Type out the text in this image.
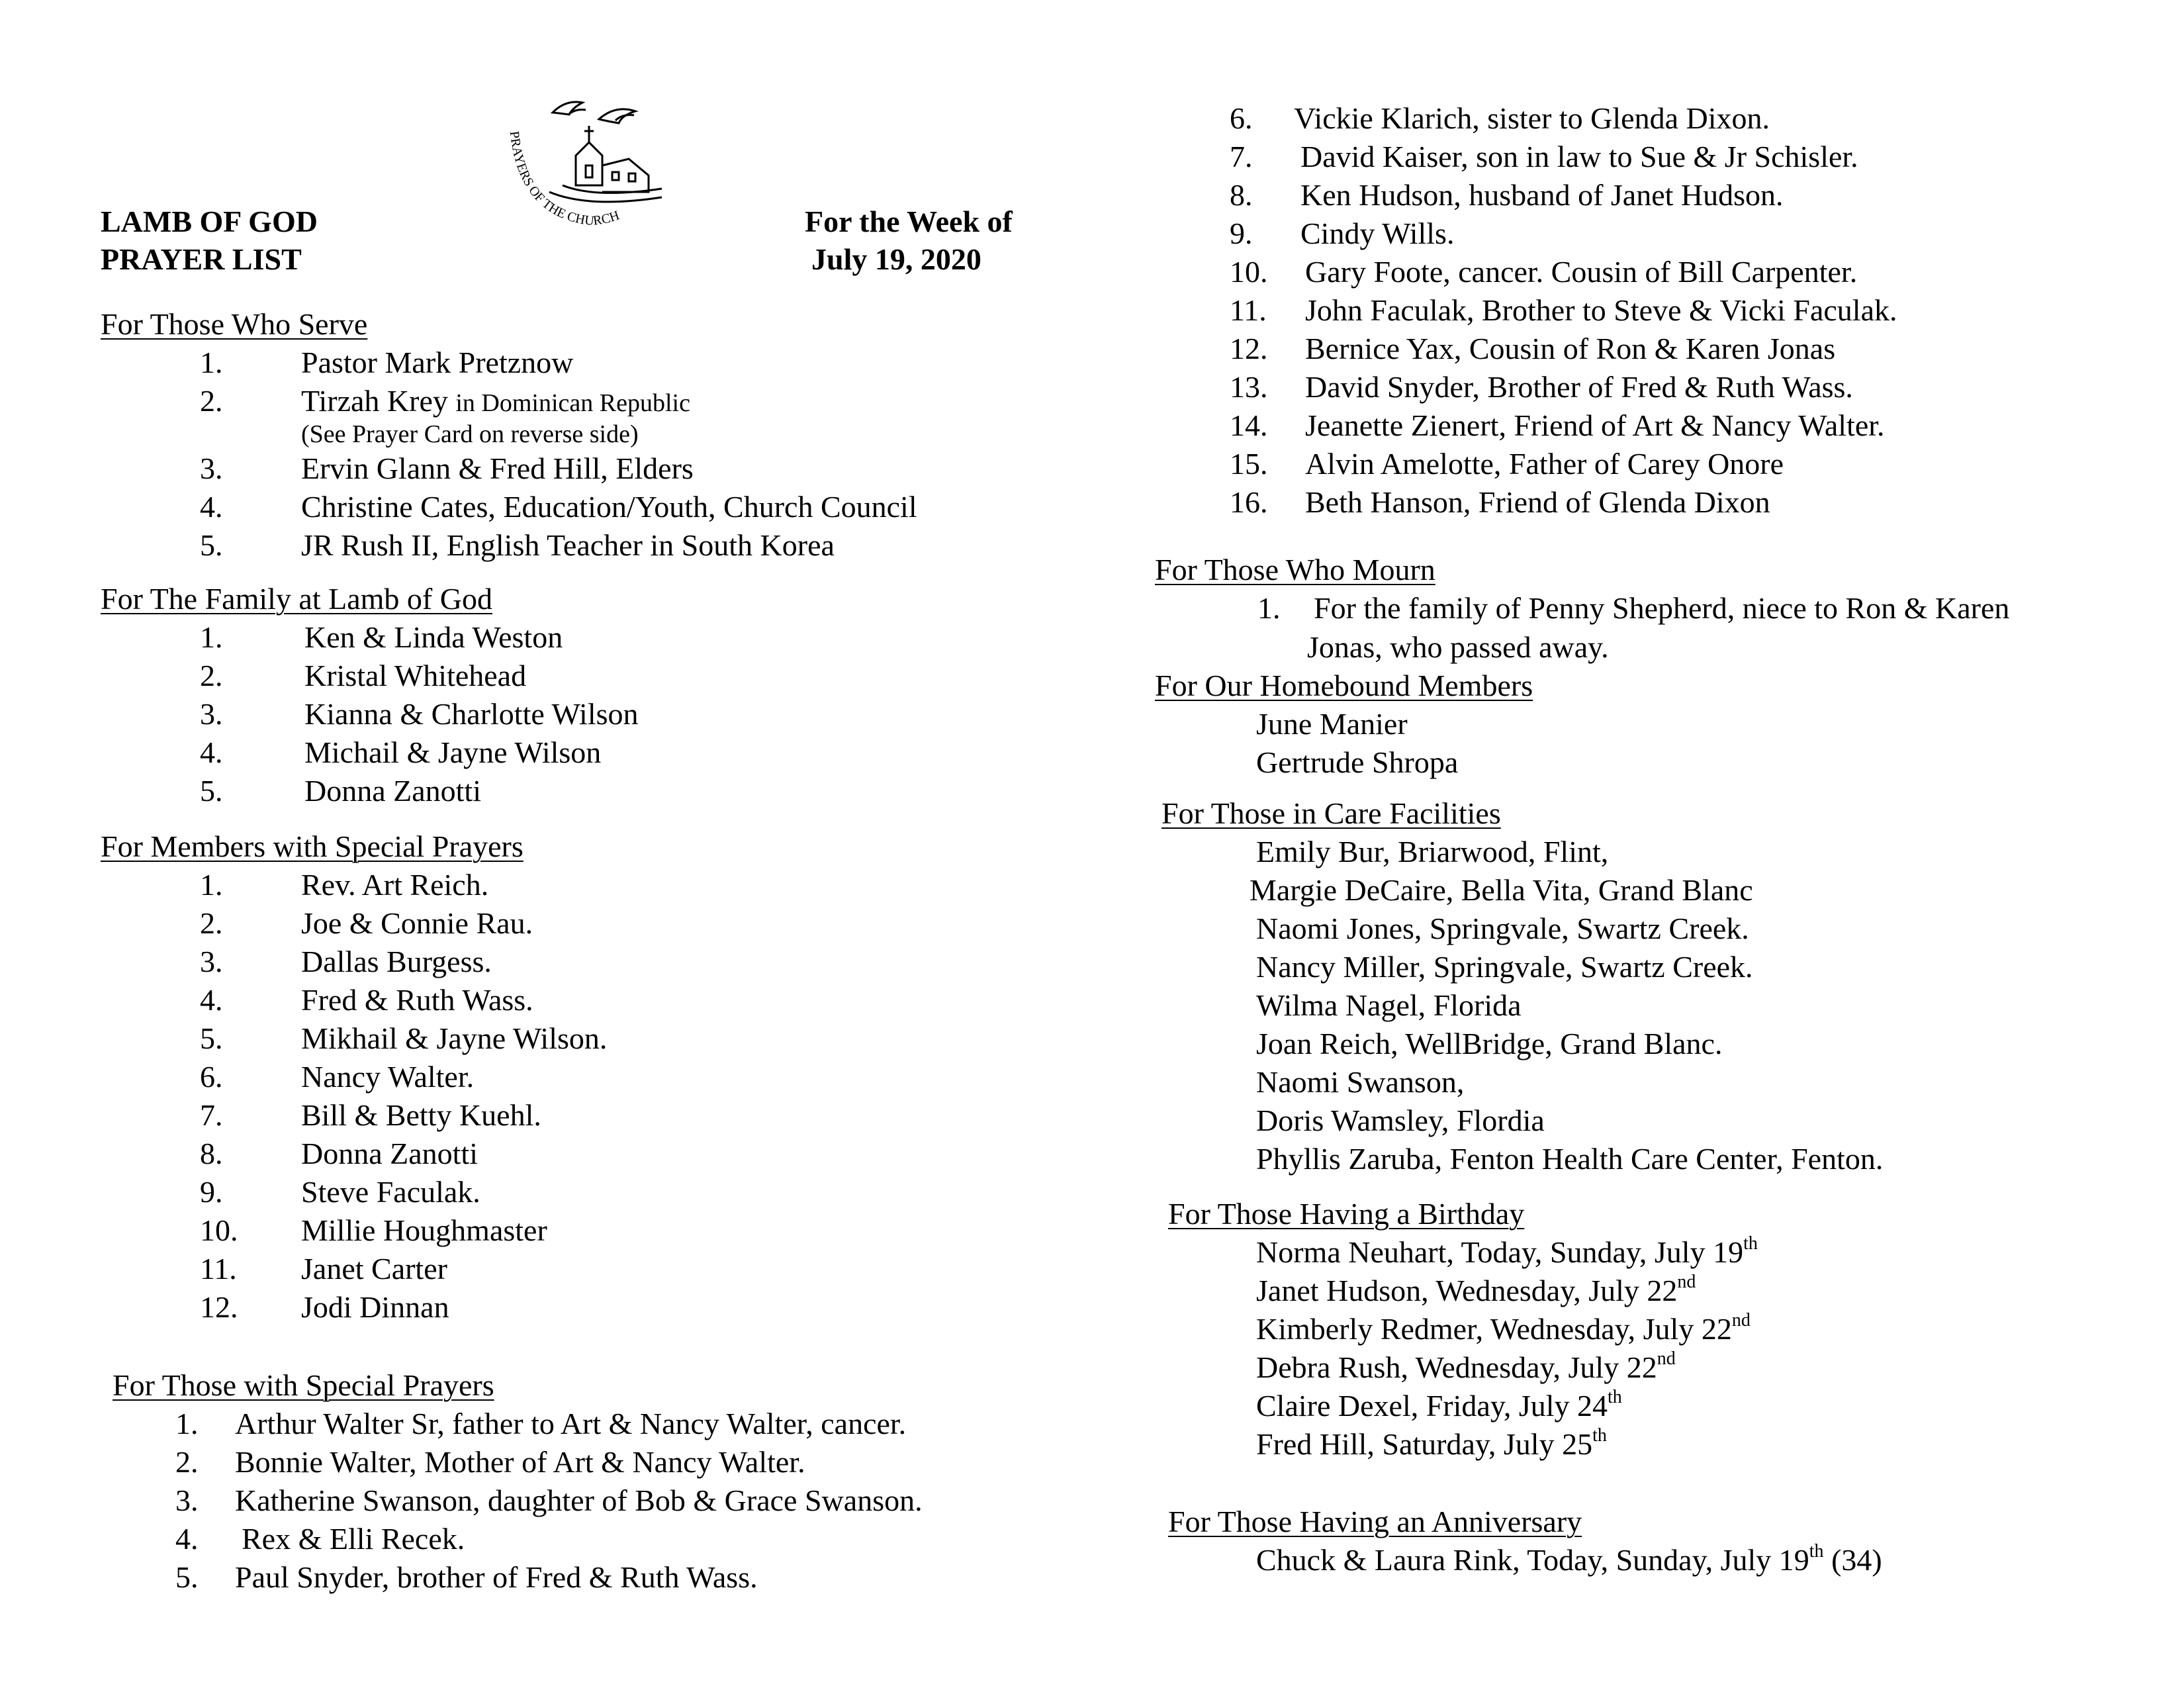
PRAYERS OF THE CHURCH
LAMB OF GOD
PRAYER LIST
For the Week of
July 19, 2020
For Those Who Serve
1.	Pastor Mark Pretznow
2.	Tirzah Krey in Dominican Republic
(See Prayer Card on reverse side)
3.	Ervin Glann & Fred Hill, Elders
4.	Christine Cates, Education/Youth, Church Council
5.	JR Rush II, English Teacher in South Korea
For The Family at Lamb of God
1.	Ken & Linda Weston
2.	Kristal Whitehead
3.	Kianna & Charlotte Wilson
4.	Michail & Jayne Wilson
5.	Donna Zanotti
For Members with Special Prayers
1.	Rev. Art Reich.
2.	Joe & Connie Rau.
3.	Dallas Burgess.
4.	Fred & Ruth Wass.
5.	Mikhail & Jayne Wilson.
6.	Nancy Walter.
7.	Bill & Betty Kuehl.
8.	Donna Zanotti
9.	Steve Faculak.
10. Millie Houghmaster
11. Janet Carter
12. Jodi Dinnan
For Those with Special Prayers
1. Arthur Walter Sr, father to Art & Nancy Walter, cancer.
2. Bonnie Walter, Mother of Art & Nancy Walter.
3. Katherine Swanson, daughter of Bob & Grace Swanson.
4. Rex & Elli Recek.
5. Paul Snyder, brother of Fred & Ruth Wass.
6. Vickie Klarich, sister to Glenda Dixon.
7. David Kaiser, son in law to Sue & Jr Schisler.
8. Ken Hudson, husband of Janet Hudson.
9. Cindy Wills.
10. Gary Foote, cancer. Cousin of Bill Carpenter.
11. John Faculak, Brother to Steve & Vicki Faculak.
12. Bernice Yax, Cousin of Ron & Karen Jonas
13. David Snyder, Brother of Fred & Ruth Wass.
14. Jeanette Zienert, Friend of Art & Nancy Walter.
15. Alvin Amelotte, Father of Carey Onore
16. Beth Hanson, Friend of Glenda Dixon
For Those Who Mourn
1. For the family of Penny Shepherd, niece to Ron & Karen
Jonas, who passed away.
For Our Homebound Members
June Manier
Gertrude Shropa
For Those in Care Facilities
Emily Bur, Briarwood, Flint,
Margie DeCaire, Bella Vita, Grand Blanc
Naomi Jones, Springvale, Swartz Creek.
Nancy Miller, Springvale, Swartz Creek.
Wilma Nagel, Florida
Joan Reich, WellBridge, Grand Blanc.
Naomi Swanson,
Doris Wamsley, Flordia
Phyllis Zaruba, Fenton Health Care Center, Fenton.
For Those Having a Birthday
Norma Neuhart, Today, Sunday, July 19th
Janet Hudson, Wednesday, July 22nd
Kimberly Redmer, Wednesday, July 22nd
Debra Rush, Wednesday, July 22nd
Claire Dexel, Friday, July 24th
Fred Hill, Saturday, July 25th
For Those Having an Anniversary
Chuck & Laura Rink, Today, Sunday, July 19th (34)
